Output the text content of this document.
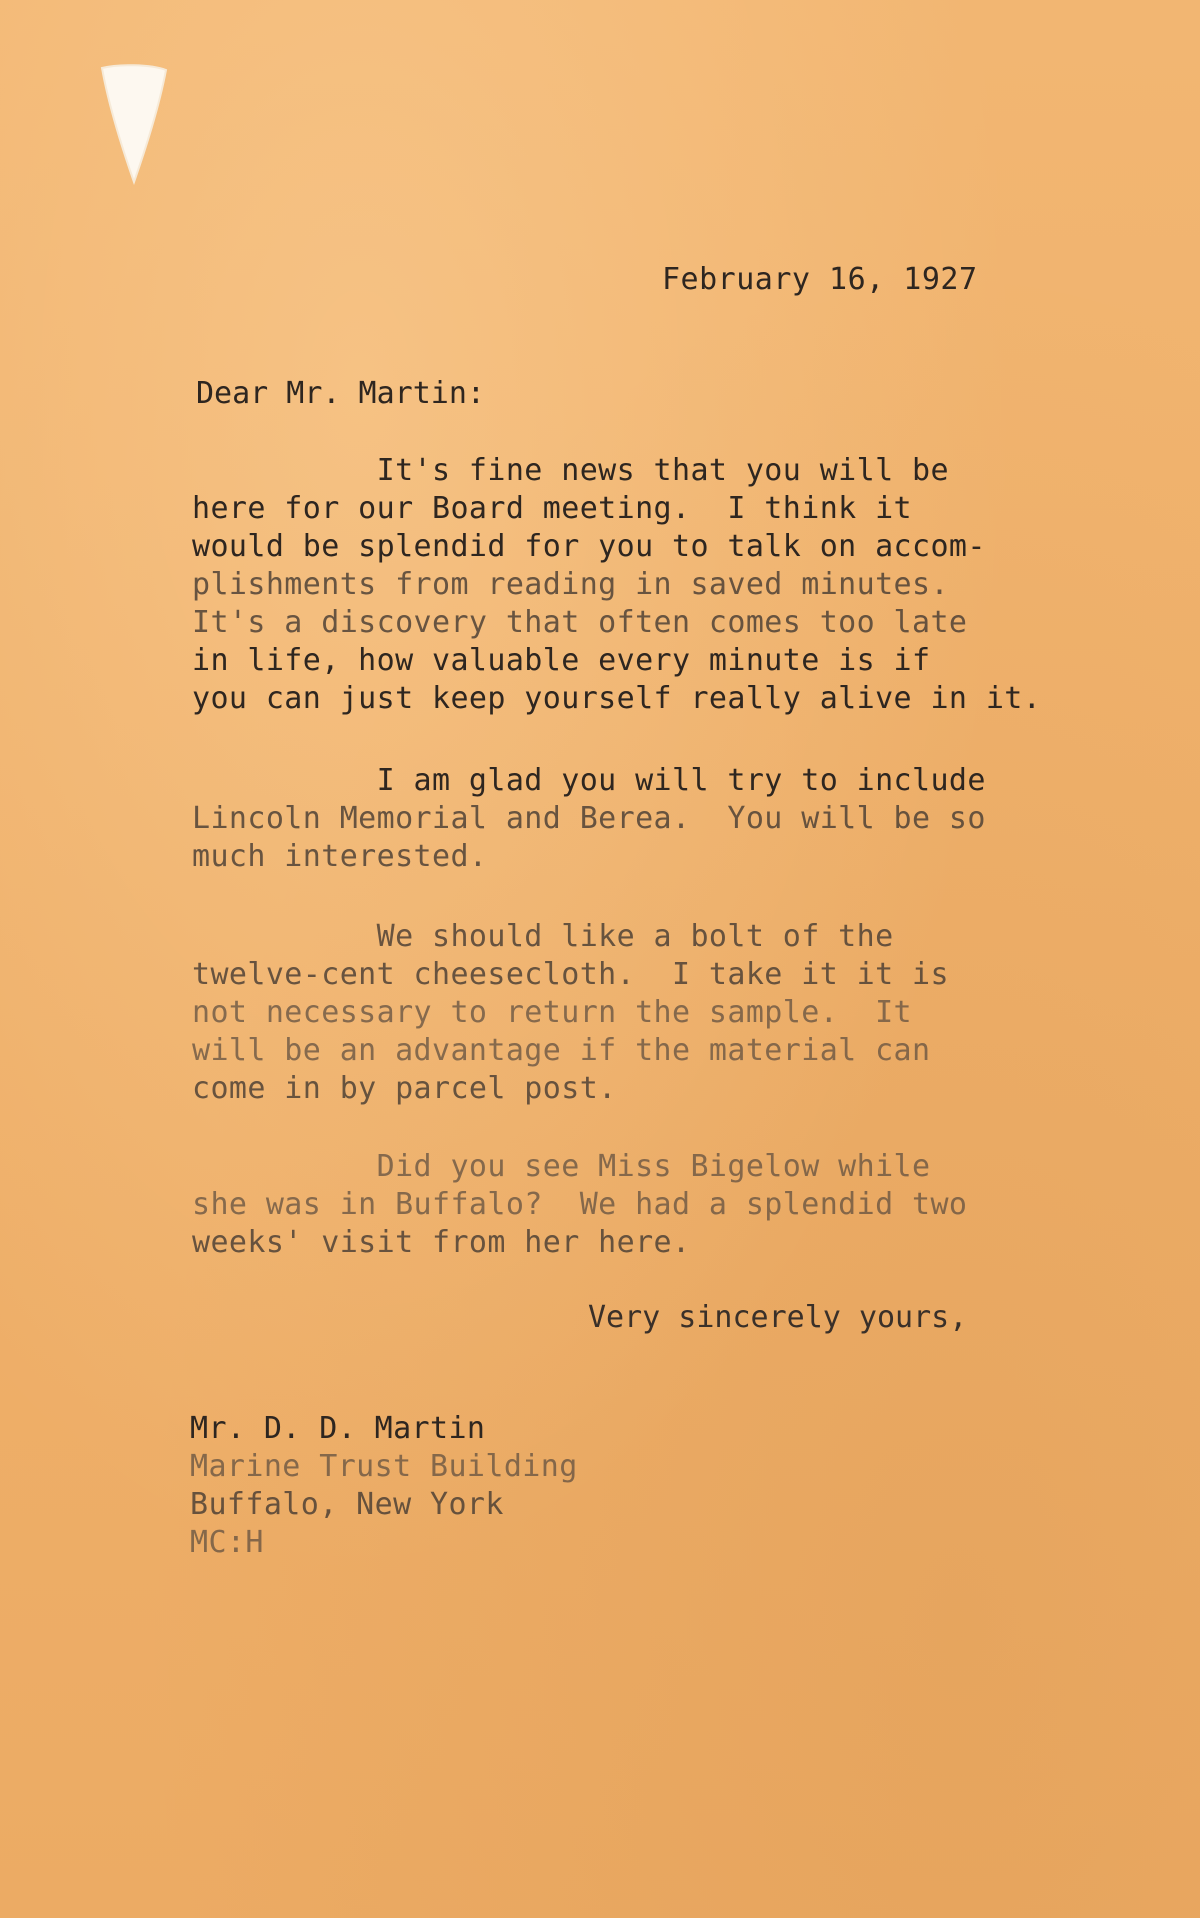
February 16, 1927
Dear Mr. Martin:
It's fine news that you will be
here for our Board meeting.  I think it
would be splendid for you to talk on accom-
plishments from reading in saved minutes.
It's a discovery that often comes too late
in life, how valuable every minute is if
you can just keep yourself really alive in it.
I am glad you will try to include
Lincoln Memorial and Berea.  You will be so
much interested.
We should like a bolt of the
twelve-cent cheesecloth.  I take it it is
not necessary to return the sample.  It
will be an advantage if the material can
come in by parcel post.
Did you see Miss Bigelow while
she was in Buffalo?  We had a splendid two
weeks' visit from her here.
Very sincerely yours,
Mr. D. D. Martin
Marine Trust Building
Buffalo, New York
MC:H
